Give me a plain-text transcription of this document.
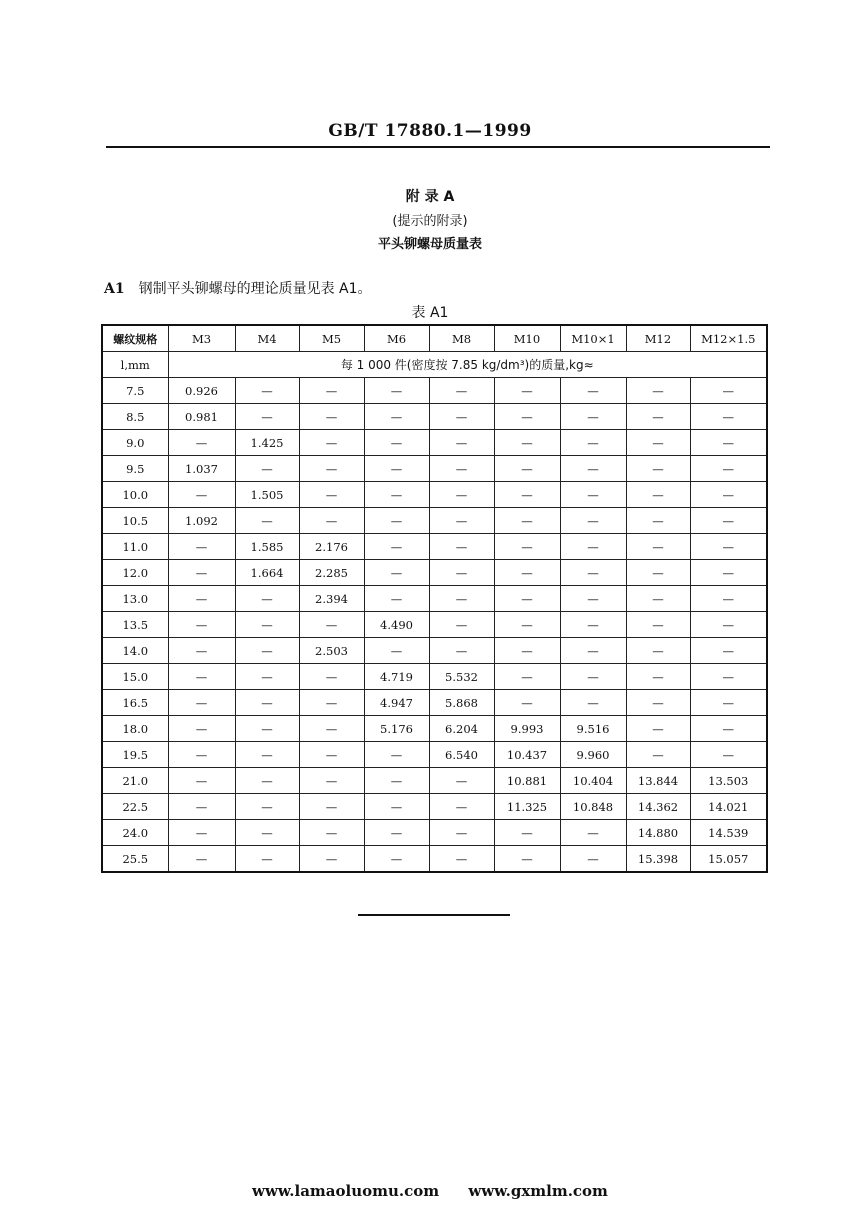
GB/T 17880.1—1999
附 录 A
(提示的附录)
平头铆螺母质量表
A1 钢制平头铆螺母的理论质量见表 A1。
表 A1
螺纹规格	M3	M4	M5	M6	M8	M10	M10×1	M12	M12×1.5
l,mm	每 1 000 件(密度按 7.85 kg/dm³)的质量,kg≈								
7.5	0.926	—	—	—	—	—	—	—	—
8.5	0.981	—	—	—	—	—	—	—	—
9.0	—	1.425	—	—	—	—	—	—	—
9.5	1.037	—	—	—	—	—	—	—	—
10.0	—	1.505	—	—	—	—	—	—	—
10.5	1.092	—	—	—	—	—	—	—	—
11.0	—	1.585	2.176	—	—	—	—	—	—
12.0	—	1.664	2.285	—	—	—	—	—	—
13.0	—	—	2.394	—	—	—	—	—	—
13.5	—	—	—	4.490	—	—	—	—	—
14.0	—	—	2.503	—	—	—	—	—	—
15.0	—	—	—	4.719	5.532	—	—	—	—
16.5	—	—	—	4.947	5.868	—	—	—	—
18.0	—	—	—	5.176	6.204	9.993	9.516	—	—
19.5	—	—	—	—	6.540	10.437	9.960	—	—
21.0	—	—	—	—	—	10.881	10.404	13.844	13.503
22.5	—	—	—	—	—	11.325	10.848	14.362	14.021
24.0	—	—	—	—	—	—	—	14.880	14.539
25.5	—	—	—	—	—	—	—	15.398	15.057
www.lamaoluomu.com www.gxmlm.com
